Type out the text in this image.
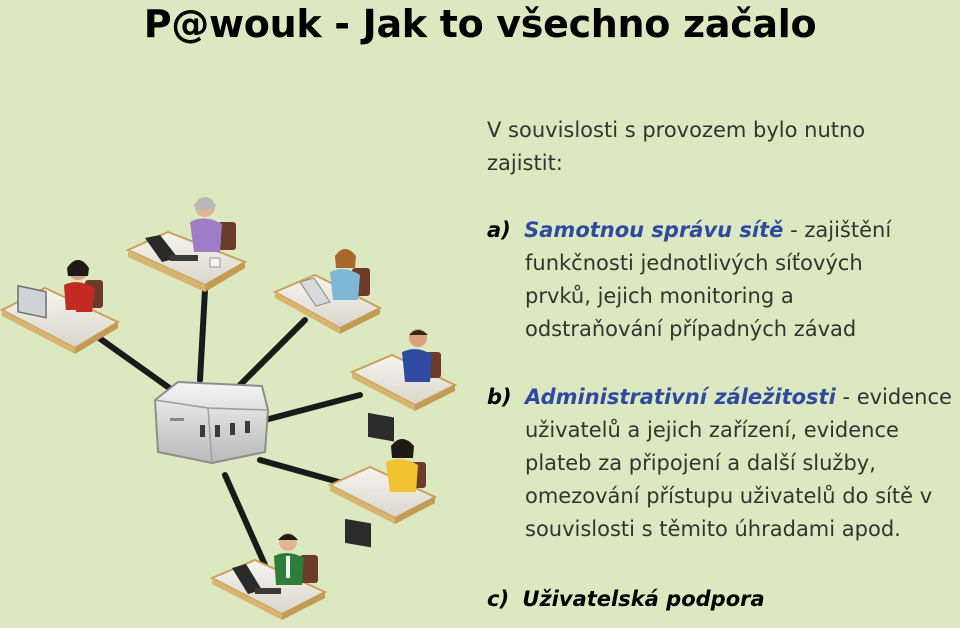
P@wouk - Jak to všechno začalo
V souvislosti s provozem bylo nutno
zajistit:
a) Samotnou správu sítě - zajištění
funkčnosti jednotlivých síťových
prvků, jejich monitoring a
odstraňování případných závad
b) Administrativní záležitosti - evidence
uživatelů a jejich zařízení, evidence
plateb za připojení a další služby,
omezování přístupu uživatelů do sítě v
souvislosti s těmito úhradami apod.
c) Uživatelská podpora
